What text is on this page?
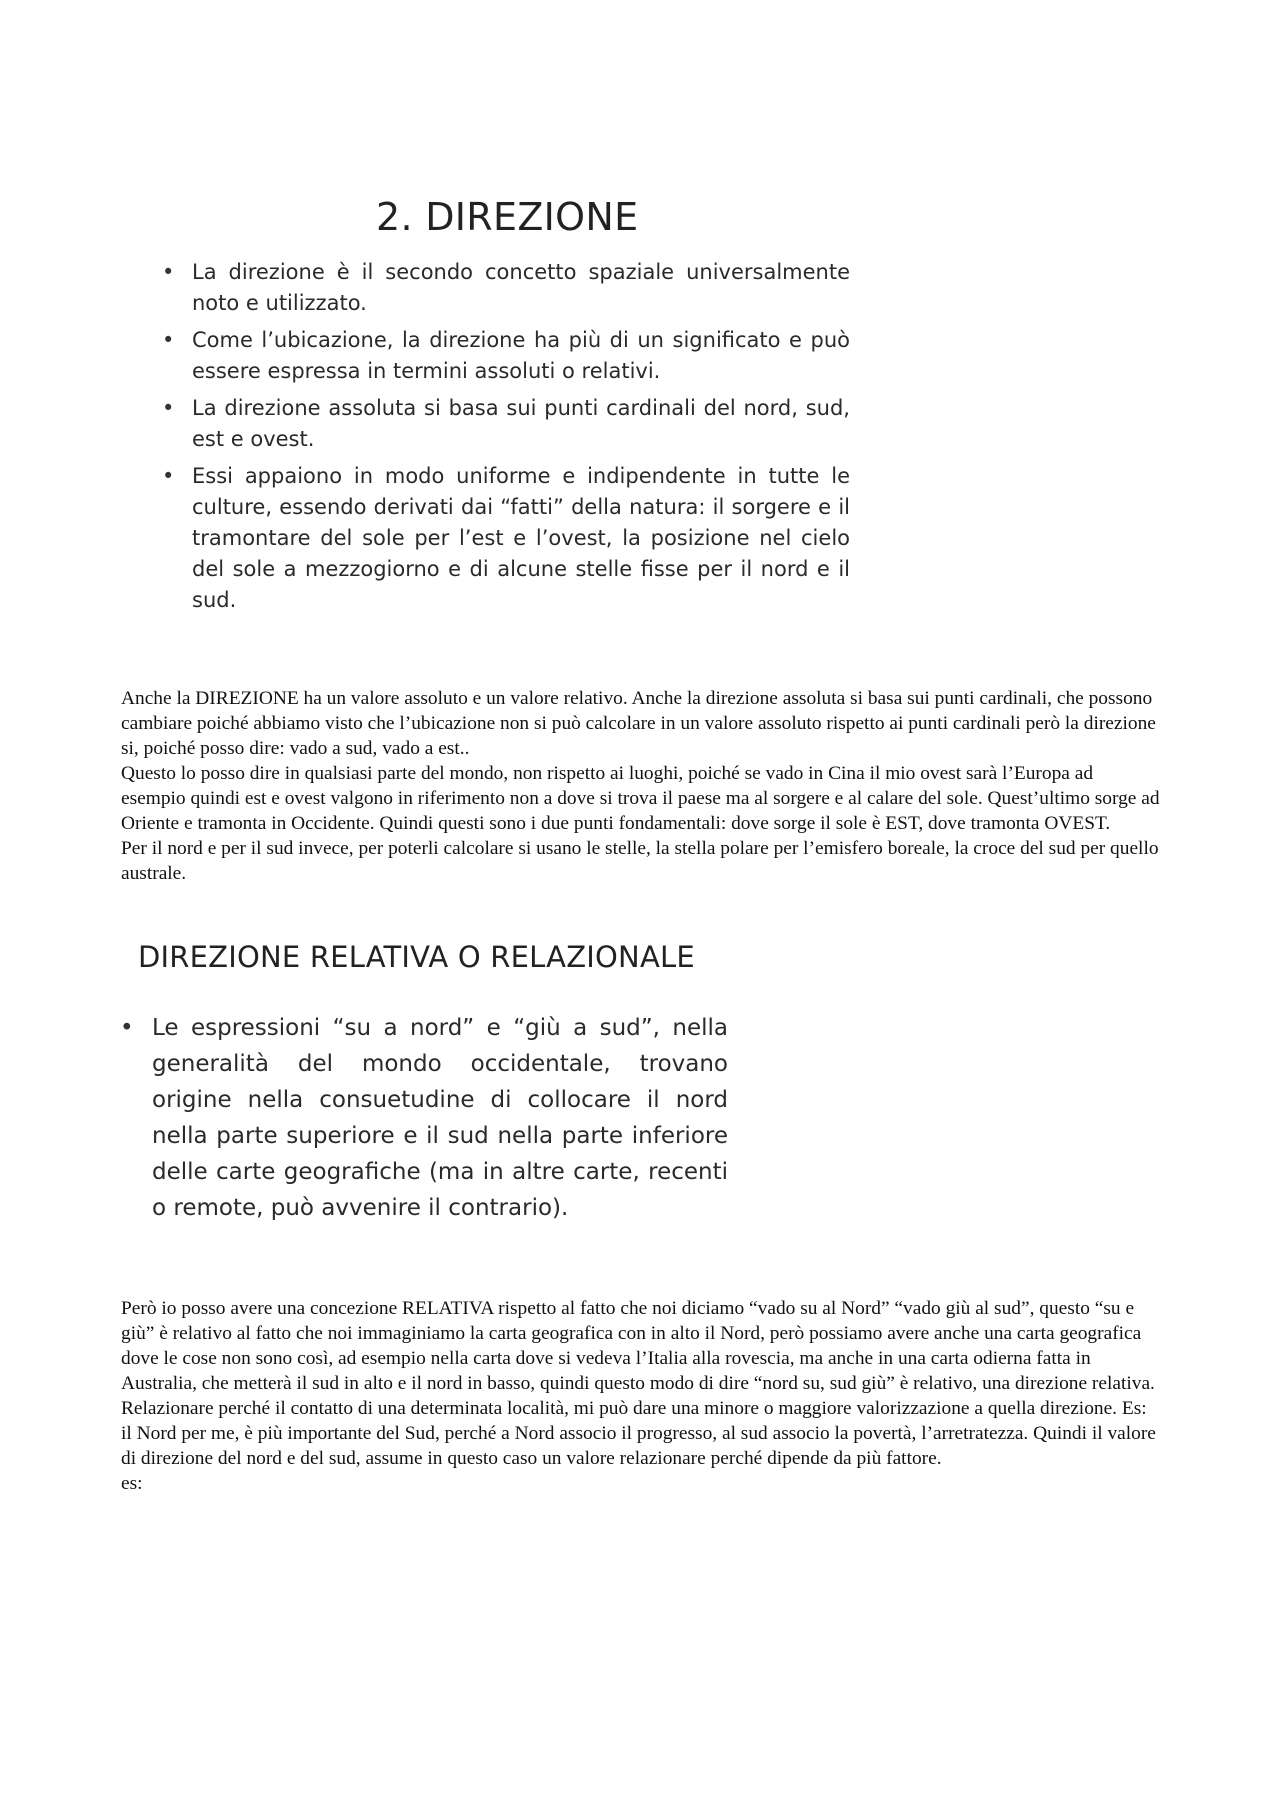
2. DIREZIONE
• La direzione è il secondo concetto spaziale universalmente noto e utilizzato.
• Come l’ubicazione, la direzione ha più di un significato e può essere espressa in termini assoluti o relativi.
• La direzione assoluta si basa sui punti cardinali del nord, sud, est e ovest.
• Essi appaiono in modo uniforme e indipendente in tutte le culture, essendo derivati dai “fatti” della natura: il sorgere e il tramontare del sole per l’est e l’ovest, la posizione nel cielo del sole a mezzogiorno e di alcune stelle fisse per il nord e il sud.

Anche la DIREZIONE ha un valore assoluto e un valore relativo. Anche la direzione assoluta si basa sui punti cardinali, che possono cambiare poiché abbiamo visto che l’ubicazione non si può calcolare in un valore assoluto rispetto ai punti cardinali però la direzione si, poiché posso dire: vado a sud, vado a est..

Questo lo posso dire in qualsiasi parte del mondo, non rispetto ai luoghi, poiché se vado in Cina il mio ovest sarà l’Europa ad esempio quindi est e ovest valgono in riferimento non a dove si trova il paese ma al sorgere e al calare del sole. Quest’ultimo sorge ad Oriente e tramonta in Occidente. Quindi questi sono i due punti fondamentali: dove sorge il sole è EST, dove tramonta OVEST.

Per il nord e per il sud invece, per poterli calcolare si usano le stelle, la stella polare per l’emisfero boreale, la croce del sud per quello australe.

DIREZIONE RELATIVA O RELAZIONALE
• Le espressioni “su a nord” e “giù a sud”, nella generalità del mondo occidentale, trovano origine nella consuetudine di collocare il nord nella parte superiore e il sud nella parte inferiore delle carte geografiche (ma in altre carte, recenti o remote, può avvenire il contrario).

Però io posso avere una concezione RELATIVA rispetto al fatto che noi diciamo “vado su al Nord” “vado giù al sud”, questo “su e giù” è relativo al fatto che noi immaginiamo la carta geografica con in alto il Nord, però possiamo avere anche una carta geografica dove le cose non sono così, ad esempio nella carta dove si vedeva l’Italia alla rovescia, ma anche in una carta odierna fatta in Australia, che metterà il sud in alto e il nord in basso, quindi questo modo di dire “nord su, sud giù” è relativo, una direzione relativa.

Relazionare perché il contatto di una determinata località, mi può dare una minore o maggiore valorizzazione a quella direzione. Es: il Nord per me, è più importante del Sud, perché a Nord associo il progresso, al sud associo la povertà, l’arretratezza. Quindi il valore di direzione del nord e del sud, assume in questo caso un valore relazionare perché dipende da più fattore.

es:
